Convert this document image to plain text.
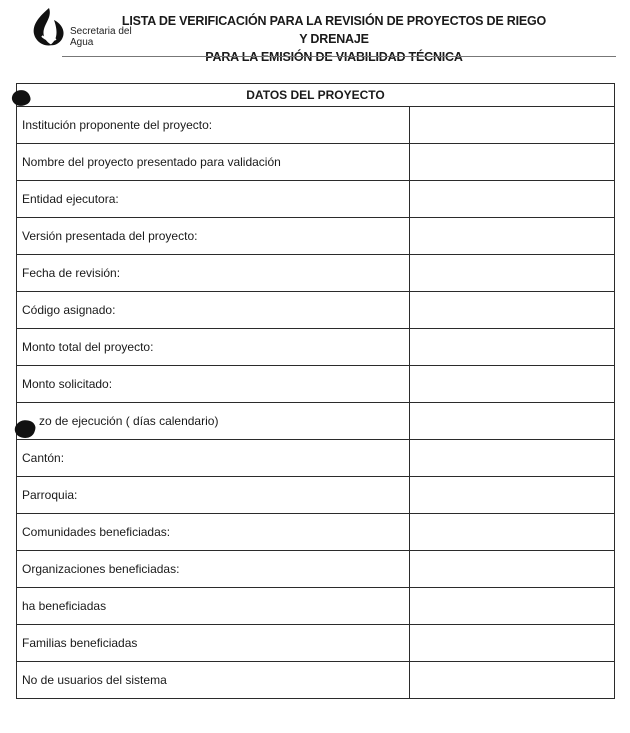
Secretaria del
Agua
LISTA DE VERIFICACIÓN PARA LA REVISIÓN DE PROYECTOS DE RIEGO Y DRENAJE
PARA LA EMISIÓN DE VIABILIDAD TÉCNICA
DATOS DEL PROYECTO	
Institución proponente del proyecto:	
Nombre del proyecto presentado para validación	
Entidad ejecutora:	
Versión presentada del proyecto:	
Fecha de revisión:	
Código asignado:	
Monto total del proyecto:	
Monto solicitado:	
zo de ejecución ( días calendario)	
Cantón:	
Parroquia:	
Comunidades beneficiadas:	
Organizaciones beneficiadas:	
ha beneficiadas	
Familias beneficiadas	
No de usuarios del sistema	
